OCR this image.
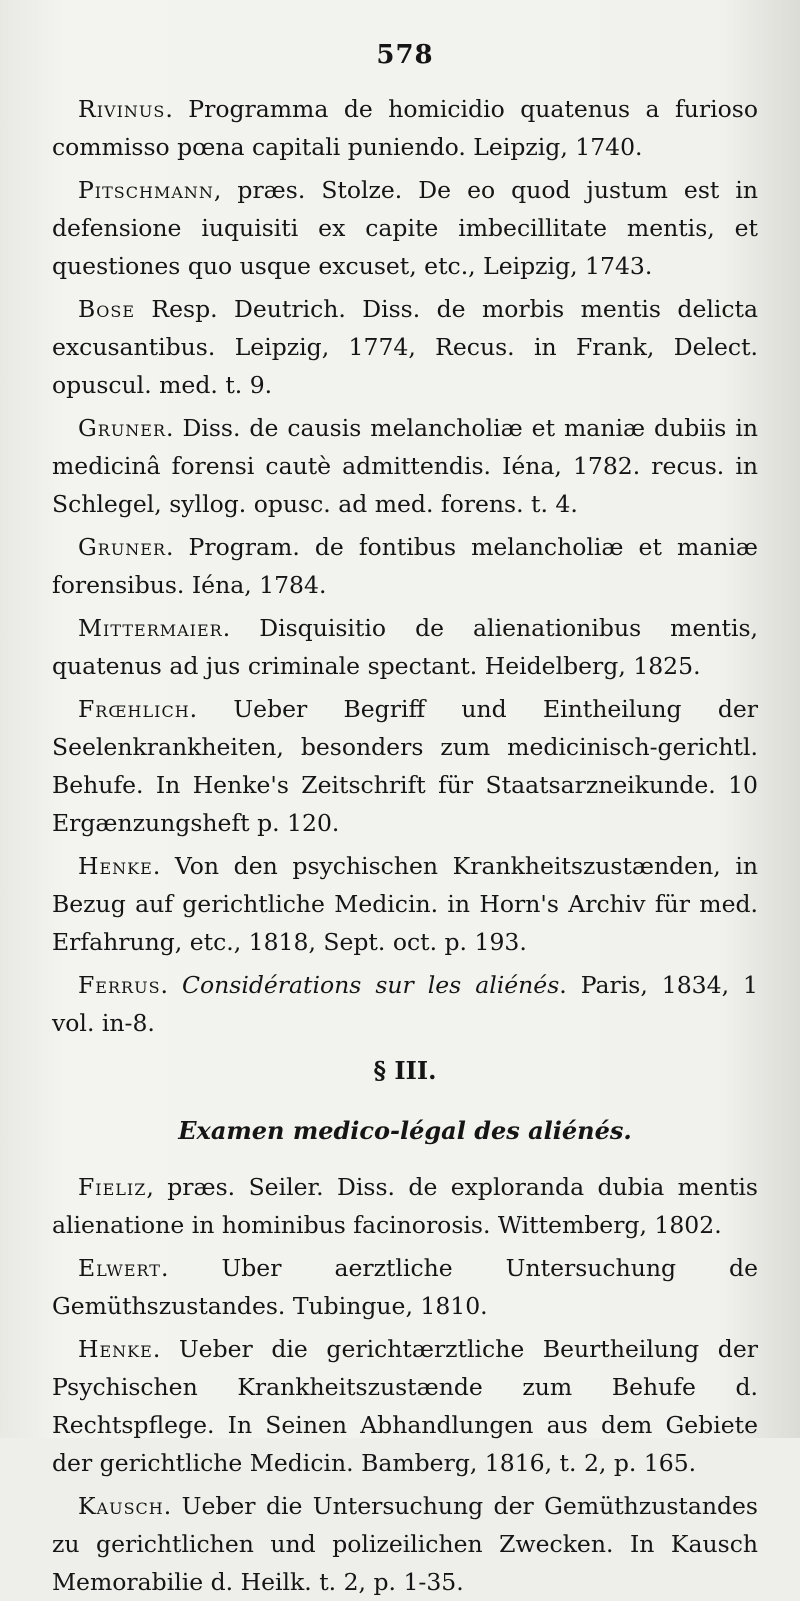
578

Rivinus. Programma de homicidio quatenus a furioso commisso pœna capitali puniendo. Leipzig, 1740.

Pitschmann, præs. Stolze. De eo quod justum est in defensione iuquisiti ex capite imbecillitate mentis, et questiones quo usque excuset, etc., Leipzig, 1743.

Bose Resp. Deutrich. Diss. de morbis mentis delicta excusantibus. Leipzig, 1774, Recus. in Frank, Delect. opuscul. med. t. 9.

Gruner. Diss. de causis melancholiæ et maniæ dubiis in medicinâ forensi cautè admittendis. Iéna, 1782. recus. in Schlegel, syllog. opusc. ad med. forens. t. 4.

Gruner. Program. de fontibus melancholiæ et maniæ forensibus. Iéna, 1784.

Mittermaier. Disquisitio de alienationibus mentis, quatenus ad jus criminale spectant. Heidelberg, 1825.

Frœhlich. Ueber Begriff und Eintheilung der Seelenkrankheiten, besonders zum medicinisch-gerichtl. Behufe. In Henke's Zeitschrift für Staatsarzneikunde. 10 Ergænzungsheft p. 120.

Henke. Von den psychischen Krankheitszustænden, in Bezug auf gerichtliche Medicin. in Horn's Archiv für med. Erfahrung, etc., 1818, Sept. oct. p. 193.

Ferrus. Considérations sur les aliénés. Paris, 1834, 1 vol. in-8.

§ III.
Examen medico-légal des aliénés.

Fieliz, præs. Seiler. Diss. de exploranda dubia mentis alienatione in hominibus facinorosis. Wittemberg, 1802.

Elwert. Uber aerztliche Untersuchung de Gemüthszustandes. Tubingue, 1810.

Henke. Ueber die gerichtærztliche Beurtheilung der Psychischen Krankheitszustænde zum Behufe d. Rechtspflege. In Seinen Abhandlungen aus dem Gebiete der gerichtliche Medicin. Bamberg, 1816, t. 2, p. 165.

Kausch. Ueber die Untersuchung der Gemüthzustandes zu gerichtlichen und polizeilichen Zwecken. In Kausch Memorabilie d. Heilk. t. 2, p. 1-35.
